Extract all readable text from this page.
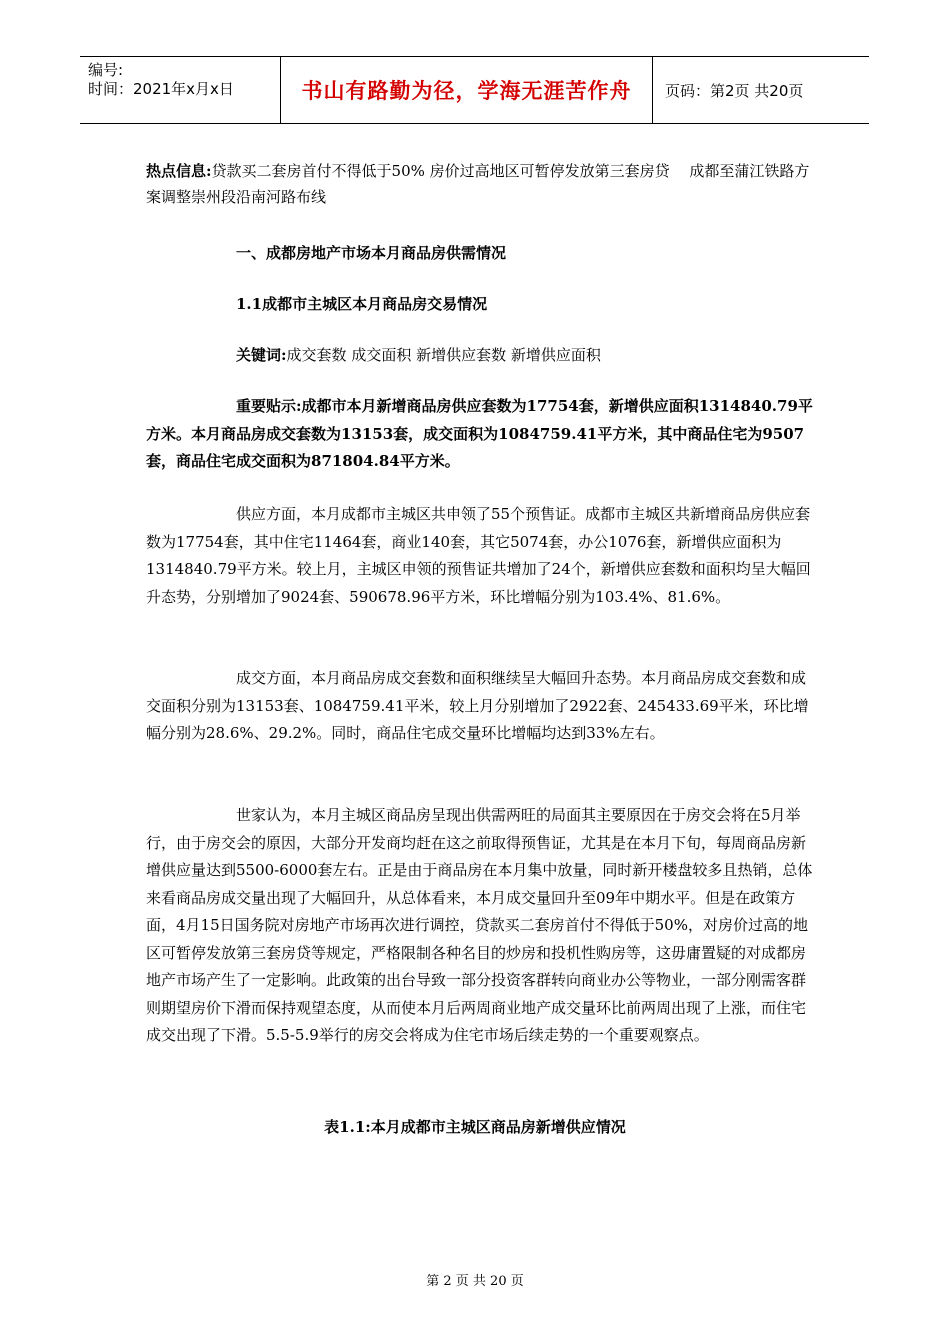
编号:
时间：2021年x月x日	书山有路勤为径，学海无涯苦作舟	页码：第2页 共20页
热点信息:贷款买二套房首付不得低于50% 房价过高地区可暂停发放第三套房贷　 成都至蒲江铁路方案调整崇州段沿南河路布线
一、成都房地产市场本月商品房供需情况
1.1成都市主城区本月商品房交易情况
关键词:成交套数 成交面积 新增供应套数 新增供应面积
重要贴示:成都市本月新增商品房供应套数为17754套，新增供应面积1314840.79平方米。本月商品房成交套数为13153套，成交面积为1084759.41平方米，其中商品住宅为9507套，商品住宅成交面积为871804.84平方米。
供应方面，本月成都市主城区共申领了55个预售证。成都市主城区共新增商品房供应套数为17754套，其中住宅11464套，商业140套，其它5074套，办公1076套，新增供应面积为1314840.79平方米。较上月，主城区申领的预售证共增加了24个，新增供应套数和面积均呈大幅回升态势，分别增加了9024套、590678.96平方米，环比增幅分别为103.4%、81.6%。
成交方面，本月商品房成交套数和面积继续呈大幅回升态势。本月商品房成交套数和成交面积分别为13153套、1084759.41平米，较上月分别增加了2922套、245433.69平米，环比增幅分别为28.6%、29.2%。同时，商品住宅成交量环比增幅均达到33%左右。
世家认为，本月主城区商品房呈现出供需两旺的局面其主要原因在于房交会将在5月举行，由于房交会的原因，大部分开发商均赶在这之前取得预售证，尤其是在本月下旬，每周商品房新增供应量达到5500-6000套左右。正是由于商品房在本月集中放量，同时新开楼盘较多且热销，总体来看商品房成交量出现了大幅回升，从总体看来，本月成交量回升至09年中期水平。但是在政策方面，4月15日国务院对房地产市场再次进行调控，贷款买二套房首付不得低于50%，对房价过高的地区可暂停发放第三套房贷等规定，严格限制各种名目的炒房和投机性购房等，这毋庸置疑的对成都房地产市场产生了一定影响。此政策的出台导致一部分投资客群转向商业办公等物业，一部分刚需客群则期望房价下滑而保持观望态度，从而使本月后两周商业地产成交量环比前两周出现了上涨，而住宅成交出现了下滑。5.5-5.9举行的房交会将成为住宅市场后续走势的一个重要观察点。
表1.1:本月成都市主城区商品房新增供应情况
第 2 页 共 20 页
